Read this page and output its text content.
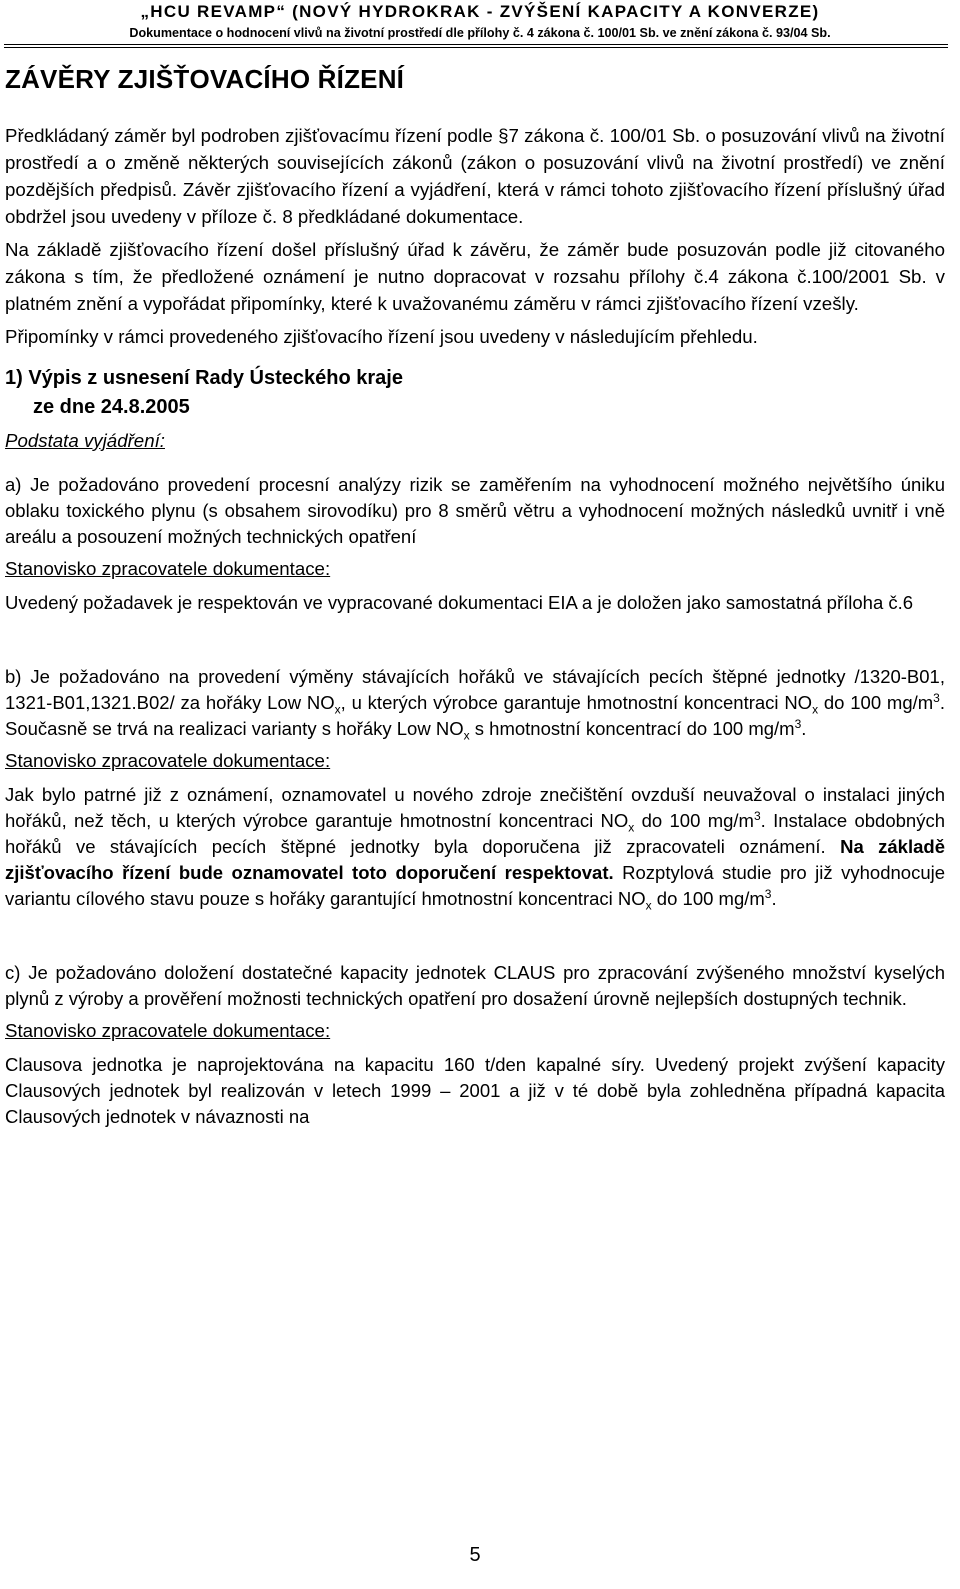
„HCU REVAMP“ (NOVÝ HYDROKRAK - ZVÝŠENÍ KAPACITY A KONVERZE)
Dokumentace o hodnocení vlivů na životní prostředí dle přílohy č. 4 zákona č. 100/01 Sb. ve znění zákona č. 93/04 Sb.
ZÁVĚRY ZJIŠŤOVACÍHO ŘÍZENÍ

Předkládaný záměr byl podroben zjišťovacímu řízení podle §7 zákona č. 100/01 Sb. o posuzování vlivů na životní prostředí a o změně některých souvisejících zákonů (zákon o posuzování vlivů na životní prostředí) ve znění pozdějších předpisů. Závěr zjišťovacího řízení a vyjádření, která v rámci tohoto zjišťovacího řízení příslušný úřad obdržel jsou uvedeny v příloze č. 8 předkládané dokumentace.

Na základě zjišťovacího řízení došel příslušný úřad k závěru, že záměr bude posuzován podle již citovaného zákona s tím, že předložené oznámení je nutno dopracovat v rozsahu přílohy č.4 zákona č.100/2001 Sb. v platném znění a vypořádat připomínky, které k uvažovanému záměru v rámci zjišťovacího řízení vzešly.

Připomínky v rámci provedeného zjišťovacího řízení jsou uvedeny v následujícím přehledu.

1) Výpis z usnesení Rady Ústeckého kraje
ze dne 24.8.2005

Podstata vyjádření:

a) Je požadováno provedení procesní analýzy rizik se zaměřením na vyhodnocení možného největšího úniku oblaku toxického plynu (s obsahem sirovodíku) pro 8 směrů větru a vyhodnocení možných následků uvnitř i vně areálu a posouzení možných technických opatření

Stanovisko zpracovatele dokumentace:

Uvedený požadavek je respektován ve vypracované dokumentaci EIA a je doložen jako samostatná příloha č.6

b) Je požadováno na provedení výměny stávajících hořáků ve stávajících pecích štěpné jednotky /1320-B01, 1321-B01,1321.B02/ za hořáky Low $NO_x$, u kterých výrobce garantuje hmotnostní koncentraci $NO_x$ do 100 $mg/m^3$. Současně se trvá na realizaci varianty s hořáky Low $NO_x$ s hmotnostní koncentrací do 100 $mg/m^3$.

Stanovisko zpracovatele dokumentace:

Jak bylo patrné již z oznámení, oznamovatel u nového zdroje znečištění ovzduší neuvažoval o instalaci jiných hořáků, než těch, u kterých výrobce garantuje hmotnostní koncentraci $NO_x$ do 100 $mg/m^3$. Instalace obdobných hořáků ve stávajících pecích štěpné jednotky byla doporučena již zpracovateli oznámení. Na základě zjišťovacího řízení bude oznamovatel toto doporučení respektovat. Rozptylová studie pro již vyhodnocuje variantu cílového stavu pouze s hořáky garantující hmotnostní koncentraci $NO_x$ do 100 $mg/m^3$.

c) Je požadováno doložení dostatečné kapacity jednotek CLAUS pro zpracování zvýšeného množství kyselých plynů z výroby a prověření možnosti technických opatření pro dosažení úrovně nejlepších dostupných technik.

Stanovisko zpracovatele dokumentace:

Clausova jednotka je naprojektována na kapacitu 160 t/den kapalné síry. Uvedený projekt zvýšení kapacity Clausových jednotek byl realizován v letech 1999 – 2001 a již v té době byla zohledněna případná kapacita Clausových jednotek v návaznosti na

5
